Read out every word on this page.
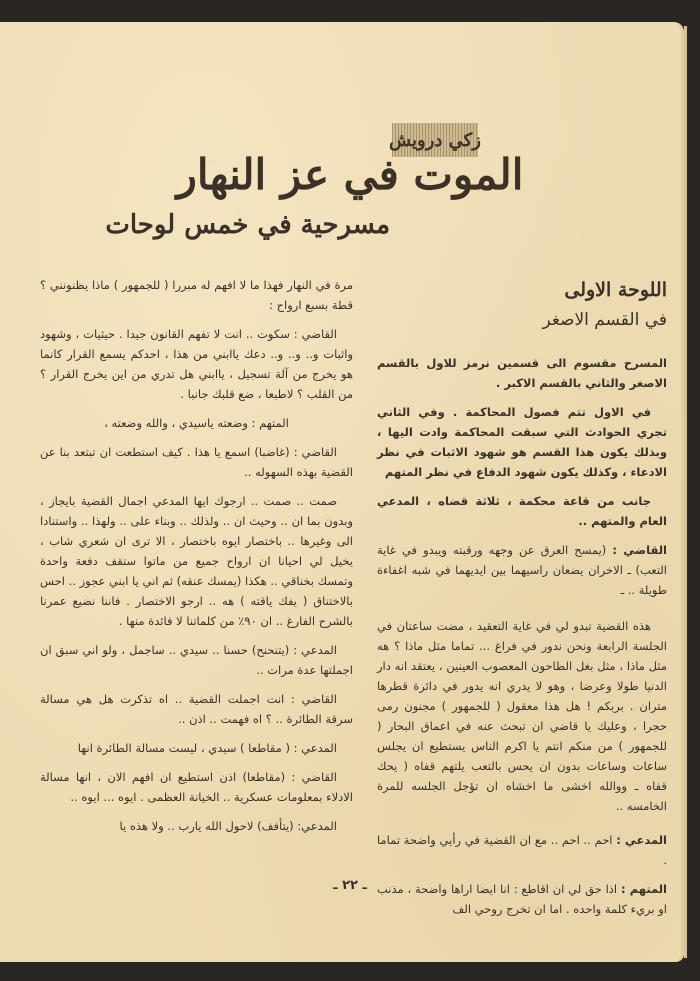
زكي درويش
الموت في عز النهار
مسرحية في خمس لوحات
اللوحة الاولى
في القسم الاصغر

المسرح مقسوم الى قسمين نرمز للاول بالقسم الاصغر والثاني بالقسم الاكبر .

في الاول تتم فصول المحاكمة . وفي الثاني تجري الحوادث التي سبقت المحاكمة وادت اليها ، وبذلك يكون هذا القسم هو شهود الاثبات في نظر الادعاء ، وكذلك يكون شهود الدفاع في نظر المتهم

جانب من قاعة محكمة ، ثلاثة قضاه ، المدعي العام والمتهم ..

القاضي : (يمسح العرق عن وجهه ورقبته ويبدو في غاية التعب) ـ الاخران يضعان راسيهما بين ايديهما في شبه اغفاءة طويلة .. ـ

هذه القضية تبدو لي في غاية التعقيد ، مضت ساعتان في الجلسة الرابعة ونحن ندور في فراغ ... تماما مثل ماذا ؟ هه مثل ماذا ، مثل بغل الطاحون المعصوب العينين ، يعتقد انه دار الدنيا طولا وعرضا ، وهو لا يدري انه يدور في دائرة قطرها متران . بربكم ! هل هذا معقول ( للجمهور ) مجنون رمى حجرا ، وعليك يا قاضي ان تبحث عنه في اعماق البحار ( للجمهور ) من منكم انتم يا اكرم الناس يستطيع ان يجلس ساعات وساعات بدون ان يحس بالتعب يلتهم قفاه ( يحك قفاه ـ ووالله اخشى ما اخشاه ان تؤجل الجلسه للمرة الخامسه ..

المدعي : احم .. احم .. مع ان القضية في رأيي واضحة تماما .

المتهم : اذا حق لي ان اقاطع : انا ايضا اراها واضحة ، مذنب او بريء كلمة واحده . اما ان تخرج روحي الف

مرة في النهار فهذا ما لا افهم له مبررا ( للجمهور ) ماذا يظنونني ؟ قطة بسبع ارواح :

القاضي : سكوت .. انت لا تفهم القانون جيدا . حيثيات ، وشهود واثبات و.. و.. و.. دعك ياابني من هذا ، احدكم يسمع القرار كانما هو يخرج من آلة تسجيل ، ياابني هل تدري من اين يخرج القرار ؟ من القلب ؟ لاطبعا ، ضع قلبك جانبا .

المتهم : وضعته ياسيدي ، والله وضعته ،

القاضي : (غاضبا) اسمع يا هذا . كيف استطعت ان تبتعد بنا عن القضية بهذه السهوله ..

صمت .. صمت .. ارجوك ايها المدعي اجمال القضية بايجاز ، وبدون بما ان .. وحيث ان .. ولذلك .. وبناء على .. ولهذا .. واستنادا الى وغيرها .. باختصار ايوه باختصار ، الا ترى ان شعري شاب ، يخيل لي احيانا ان ارواح جميع من ماتوا ستقف دفعة واحدة وتمسك بخناقي .. هكذا (يمسك عنقه) ثم اني يا ابني عجوز .. احس بالاختناق ( يفك ياقته ) هه .. ارجو الاختصار . فاننا نضيع عمرنا بالشرح الفارغ .. ان ٩٠٪ من كلماتنا لا فائدة منها .

المدعي : (يتنحنح) حسنا .. سيدي .. ساجمل ، ولو اني سبق ان اجملتها عدة مرات ..

القاضي : انت اجملت القضية .. اه تذكرت هل هي مسالة سرقة الطائرة .. ؟ اه فهمت .. اذن ..

المدعي : ( مقاطعا ) سيدي ، ليست مسالة الطائرة انها

القاضي : (مقاطعا) اذن استطيع ان افهم الان ، انها مسالة الادلاء بمعلومات عسكرية .. الخيانة العظمى . ايوه ... ايوه ..

المدعي: (يتأفف) لاحول الله يارب .. ولا هذه يا

ـ ٢٢ ـ
